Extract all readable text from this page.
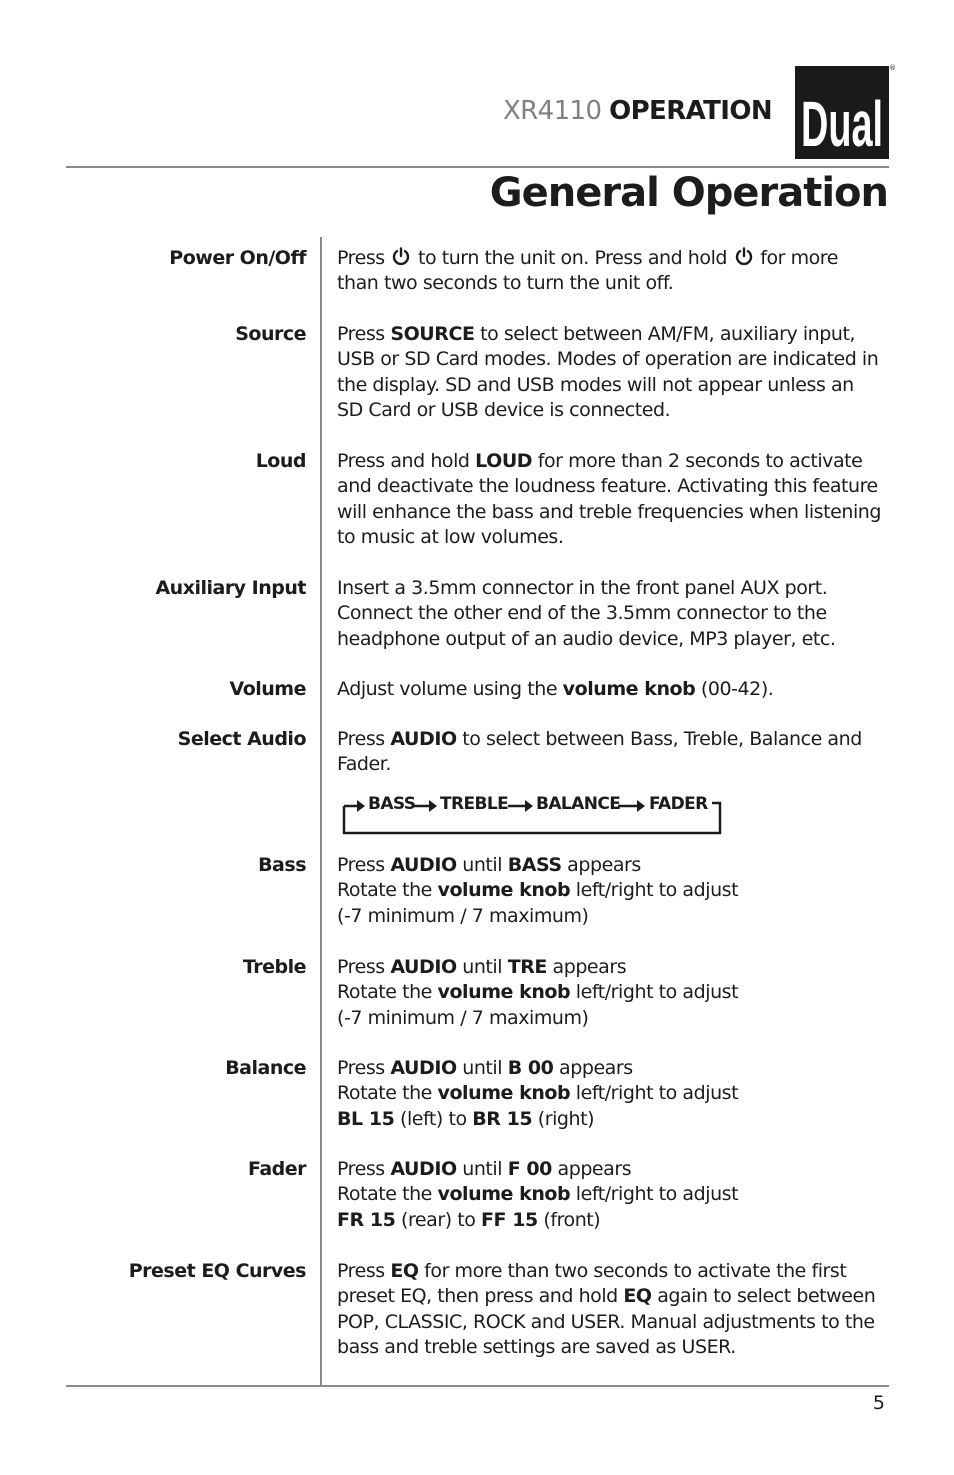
XR4110 OPERATION Dual
®
General Operation
Power On/Off Press  to turn the unit on. Press and hold  for more
than two seconds to turn the unit off.
Source Press SOURCE to select between AM/FM, auxiliary input,
USB or SD Card modes. Modes of operation are indicated in
the display. SD and USB modes will not appear unless an
SD Card or USB device is connected.
Loud Press and hold LOUD for more than 2 seconds to activate
and deactivate the loudness feature. Activating this feature
will enhance the bass and treble frequencies when listening
to music at low volumes.
Auxiliary Input Insert a 3.5mm connector in the front panel AUX port.
Connect the other end of the 3.5mm connector to the
headphone output of an audio device, MP3 player, etc.
Volume Adjust volume using the volume knob (00-42).
Select Audio Press AUDIO to select between Bass, Treble, Balance and
Fader.
Bass Press AUDIO until BASS appears
Rotate the volume knob left/right to adjust
(-7 minimum / 7 maximum)
Treble Press AUDIO until TRE appears
Rotate the volume knob left/right to adjust
(-7 minimum / 7 maximum)
Balance Press AUDIO until B 00 appears
Rotate the volume knob left/right to adjust
BL 15 (left) to BR 15 (right)
Fader Press AUDIO until F 00 appears
Rotate the volume knob left/right to adjust
FR 15 (rear) to FF 15 (front)
Preset EQ Curves Press EQ for more than two seconds to activate the first
preset EQ, then press and hold EQ again to select between
POP, CLASSIC, ROCK and USER. Manual adjustments to the
bass and treble settings are saved as USER.
BASS TREBLE BALANCE FADER
5
